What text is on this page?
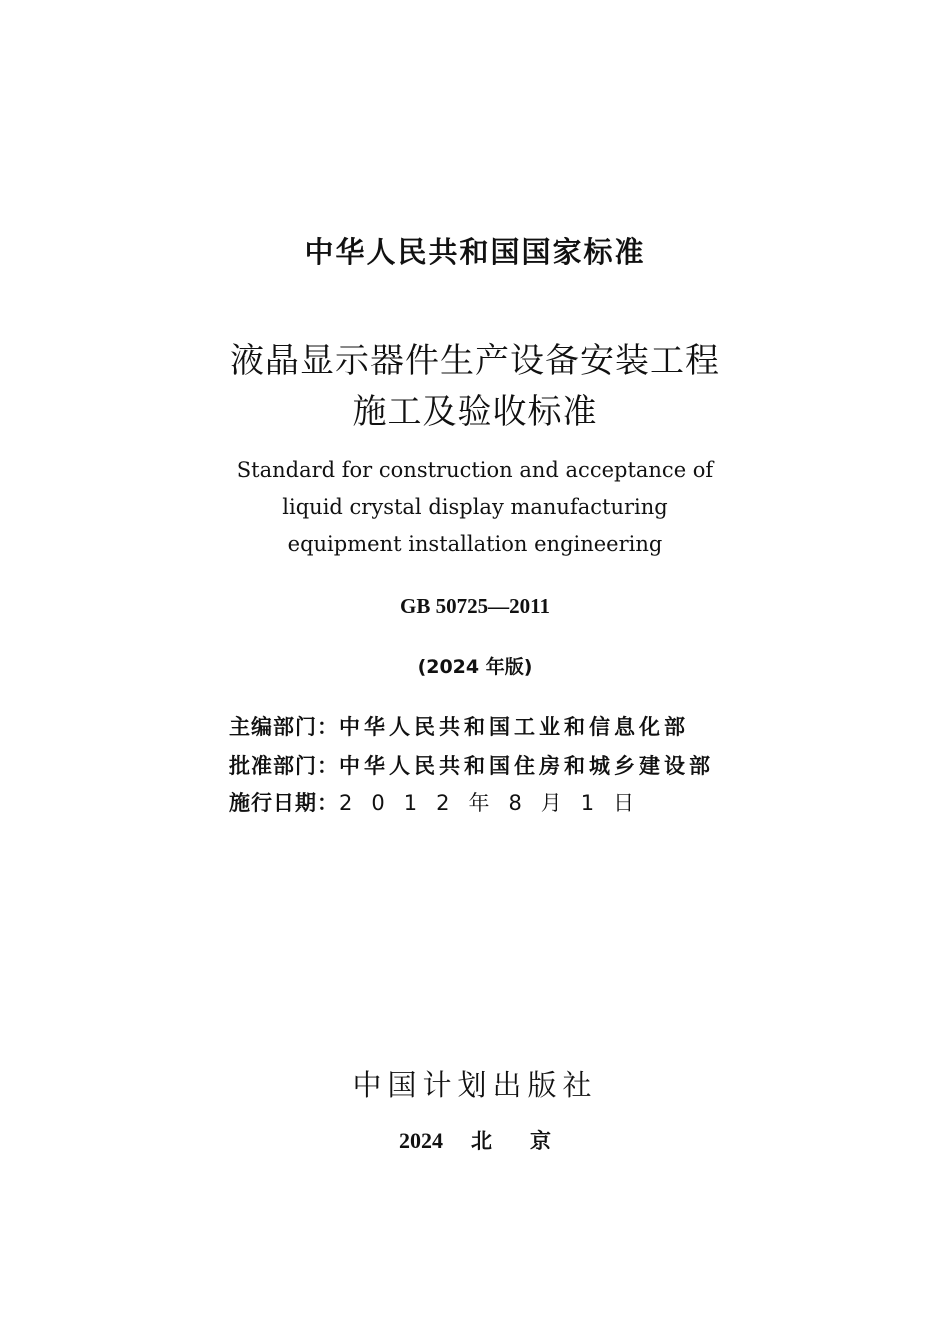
中华人民共和国国家标准
液晶显示器件生产设备安装工程
施工及验收标准
Standard for construction and acceptance of
liquid crystal display manufacturing
equipment installation engineering
GB 50725—2011
(2024 年版)
主编部门：中华人民共和国工业和信息化部
批准部门：中华人民共和国住房和城乡建设部
施行日期：2012年8月1日
中国计划出版社
2024 北 京
